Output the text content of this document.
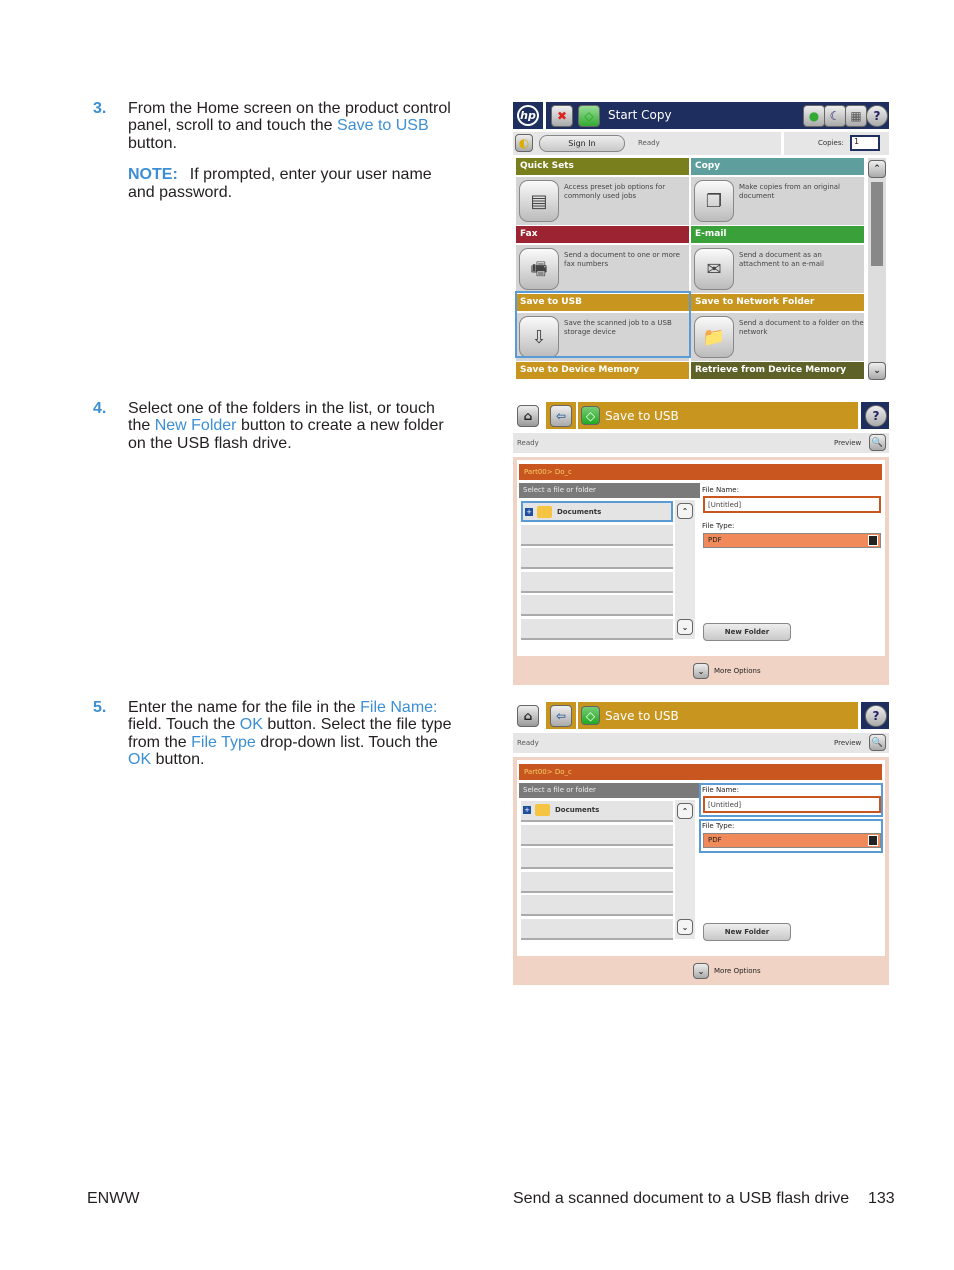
3. From the Home screen on the product control panel, scroll to and touch the Save to USB button.
NOTE: If prompted, enter your user name and password.
4. Select one of the folders in the list, or touch the New Folder button to create a new folder on the USB flash drive.
5. Enter the name for the file in the File Name: field. Touch the OK button. Select the file type from the File Type drop-down list. Touch the OK button.
hp	✖	◇	Start Copy	● ☾ ▦ ?
◐	Sign In	Ready	Copies:	1
Quick Sets
▤
Access preset job options for commonly used jobs
Copy
❐
Make copies from an original document
Fax
🖷
Send a document to one or more fax numbers
E-mail
✉
Send a document as an attachment to an e-mail
Save to USB
⇩
Save the scanned job to a USB storage device
Save to Network Folder
📁
Send a document to a folder on the network
Save to Device Memory	Retrieve from Device Memory
⌃
⌄
⌂	⇦	◇ Save to USB	?
Ready	Preview	🔍
Part00> Do_c
Select a file or folder
⌃
⌄
+	Documents
File Name:
[Untitled]
File Type:
PDF
New Folder
⌄	More Options
⌂	⇦	◇ Save to USB	?
Ready	Preview	🔍
Part00> Do_c
Select a file or folder
⌃
⌄
+	Documents
File Name:
[Untitled]
File Type:
PDF
New Folder
⌄	More Options
ENWW	Send a scanned document to a USB flash drive 133
